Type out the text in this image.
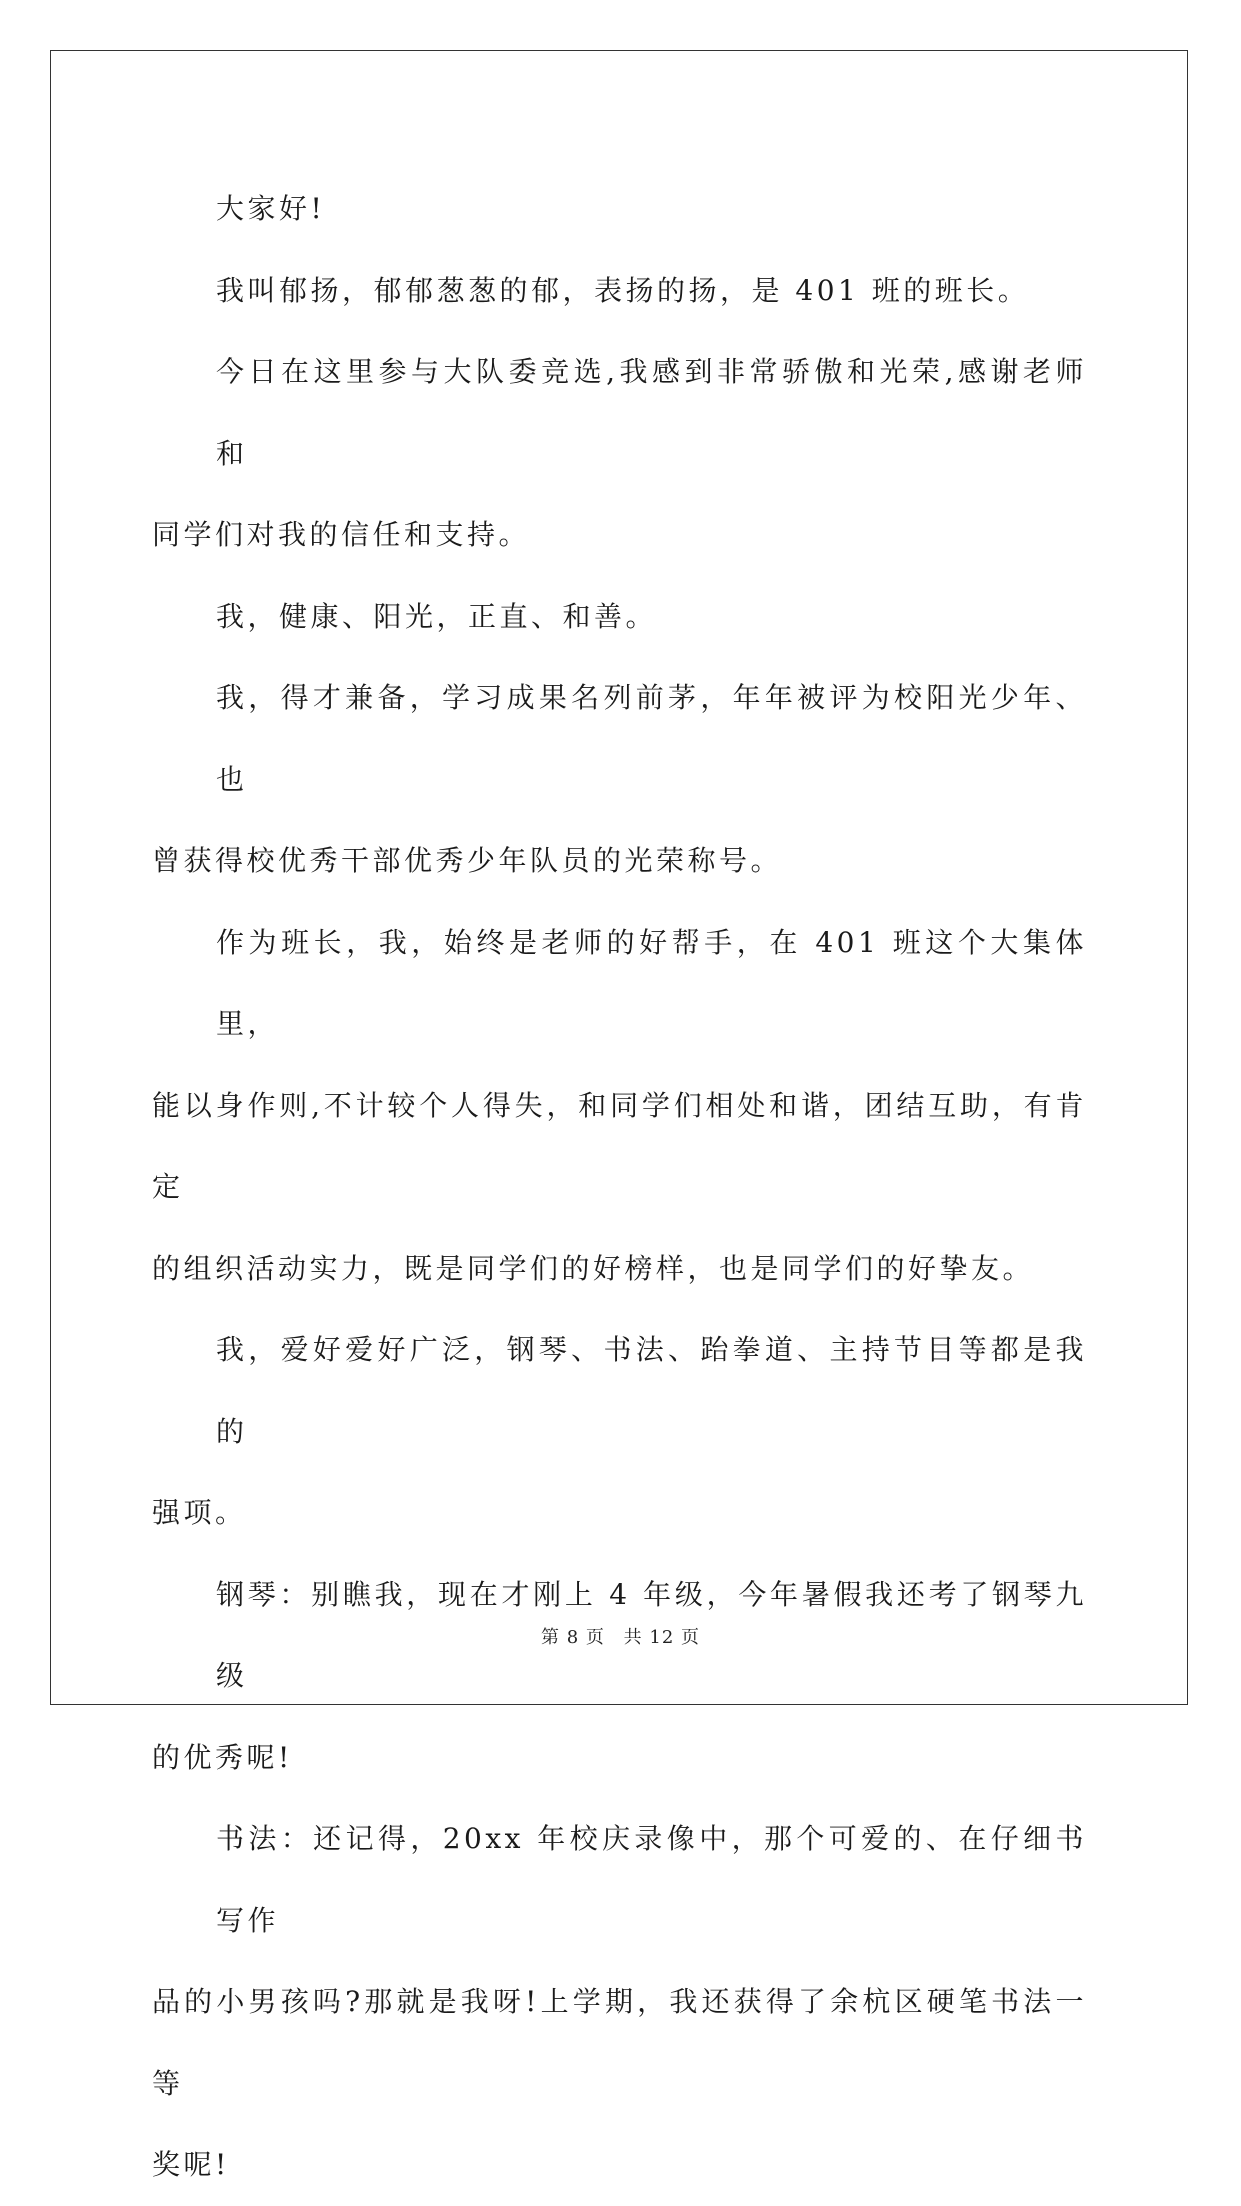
大家好!
我叫郁扬，郁郁葱葱的郁，表扬的扬，是 401 班的班长。
今日在这里参与大队委竞选,我感到非常骄傲和光荣,感谢老师和
同学们对我的信任和支持。
我，健康、阳光，正直、和善。
我，得才兼备，学习成果名列前茅，年年被评为校阳光少年、也
曾获得校优秀干部优秀少年队员的光荣称号。
作为班长，我，始终是老师的好帮手，在 401 班这个大集体里，
能以身作则,不计较个人得失，和同学们相处和谐，团结互助，有肯定
的组织活动实力，既是同学们的好榜样，也是同学们的好挚友。
我，爱好爱好广泛，钢琴、书法、跆拳道、主持节目等都是我的
强项。
钢琴：别瞧我，现在才刚上 4 年级，今年暑假我还考了钢琴九级
的优秀呢!
书法：还记得，20xx 年校庆录像中，那个可爱的、在仔细书写作
品的小男孩吗?那就是我呀!上学期，我还获得了余杭区硬笔书法一等
奖呢!
第 8 页 共 12 页
